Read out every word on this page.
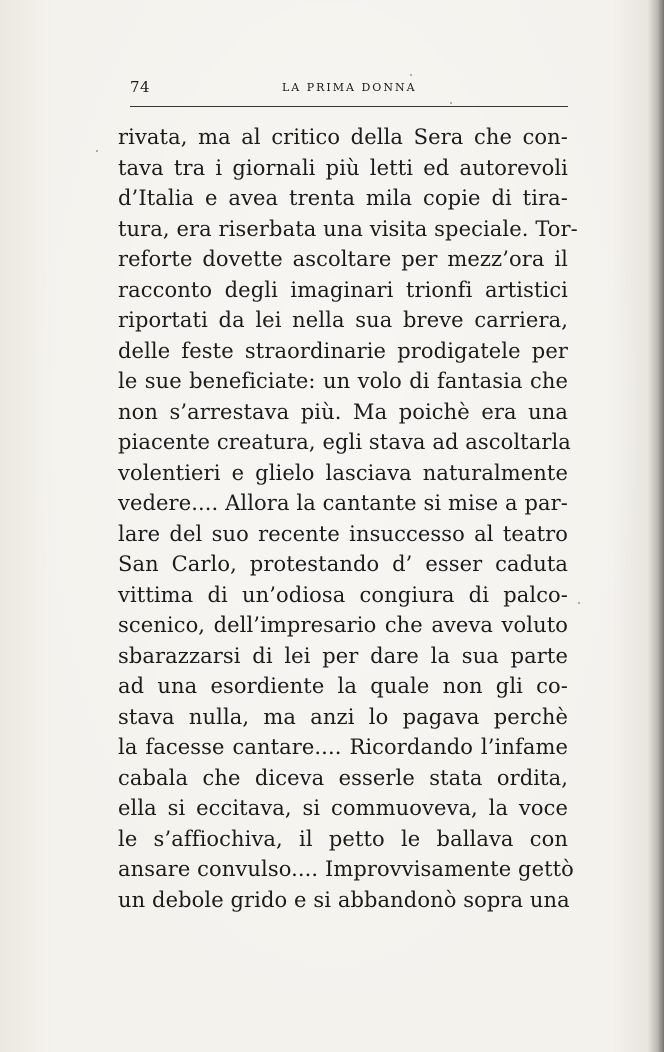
74	LA PRIMA DONNA
rivata, ma al critico della Sera che con-
tava tra i giornali più letti ed autorevoli
d’Italia e avea trenta mila copie di tira-
tura, era riserbata una visita speciale. Tor-
reforte dovette ascoltare per mezz’ora il
racconto degli imaginari trionfi artistici
riportati da lei nella sua breve carriera,
delle feste straordinarie prodigatele per
le sue beneficiate: un volo di fantasia che
non s’arrestava più. Ma poichè era una
piacente creatura, egli stava ad ascoltarla
volentieri e glielo lasciava naturalmente
vedere.... Allora la cantante si mise a par-
lare del suo recente insuccesso al teatro
San Carlo, protestando d’ esser caduta
vittima di un’odiosa congiura di palco-
scenico, dell’impresario che aveva voluto
sbarazzarsi di lei per dare la sua parte
ad una esordiente la quale non gli co-
stava nulla, ma anzi lo pagava perchè
la facesse cantare.... Ricordando l’infame
cabala che diceva esserle stata ordita,
ella si eccitava, si commuoveva, la voce
le s’affiochiva, il petto le ballava con
ansare convulso.... Improvvisamente gettò
un debole grido e si abbandonò sopra una
